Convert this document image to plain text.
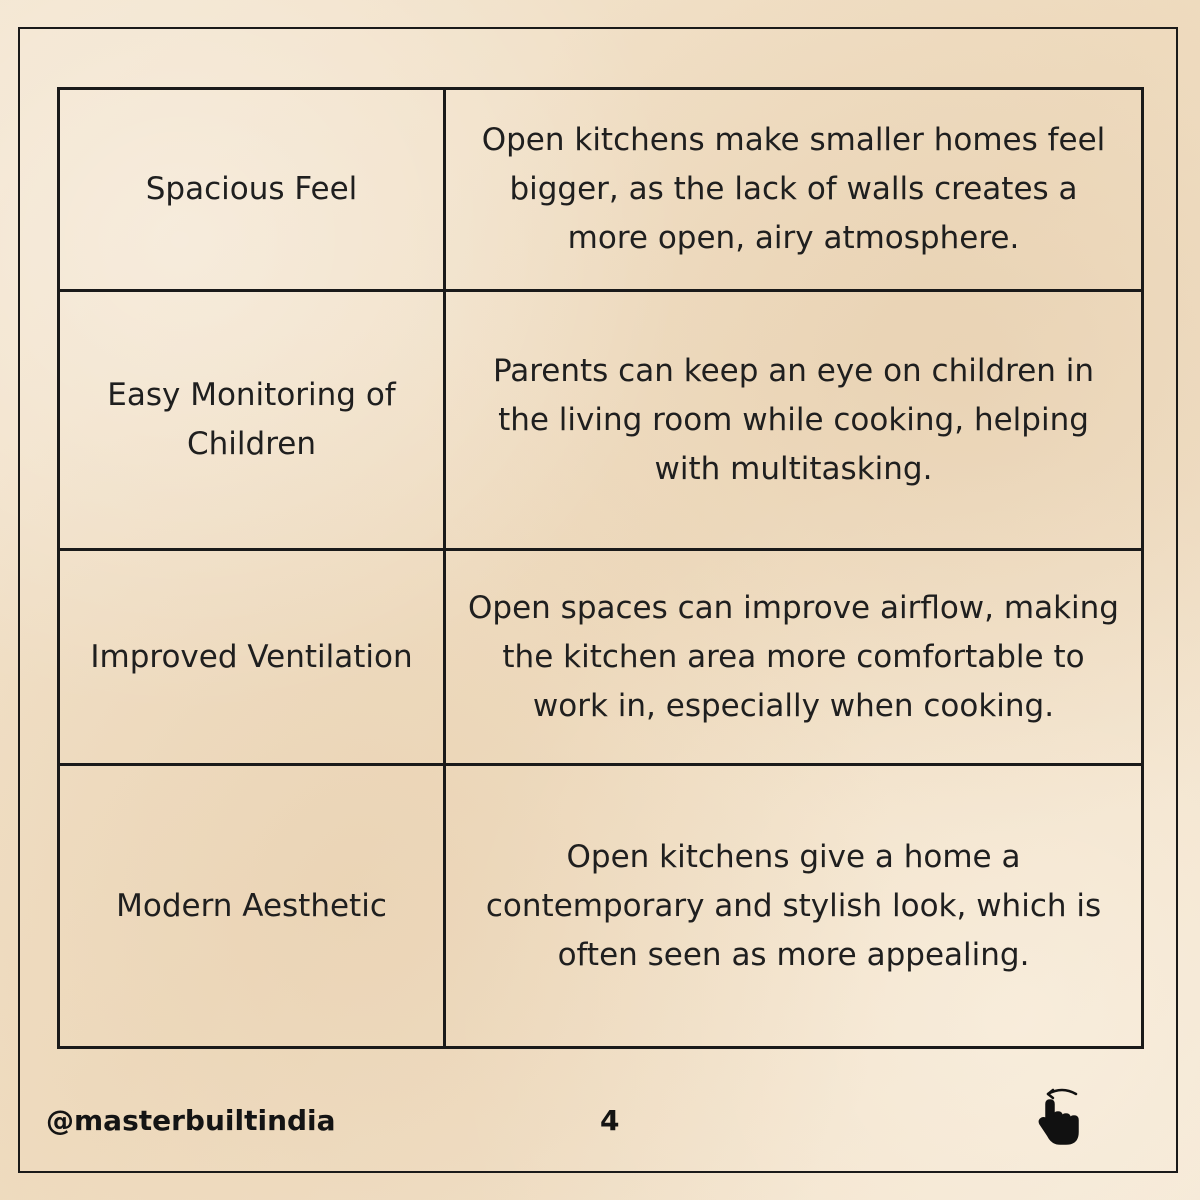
Spacious Feel	Open kitchens make smaller homes feel bigger, as the lack of walls creates a more open, airy atmosphere.
Easy Monitoring of Children	Parents can keep an eye on children in the living room while cooking, helping with multitasking.
Improved Ventilation	Open spaces can improve airflow, making the kitchen area more comfortable to work in, especially when cooking.
Modern Aesthetic	Open kitchens give a home a contemporary and stylish look, which is often seen as more appealing.
@masterbuiltindia	4
